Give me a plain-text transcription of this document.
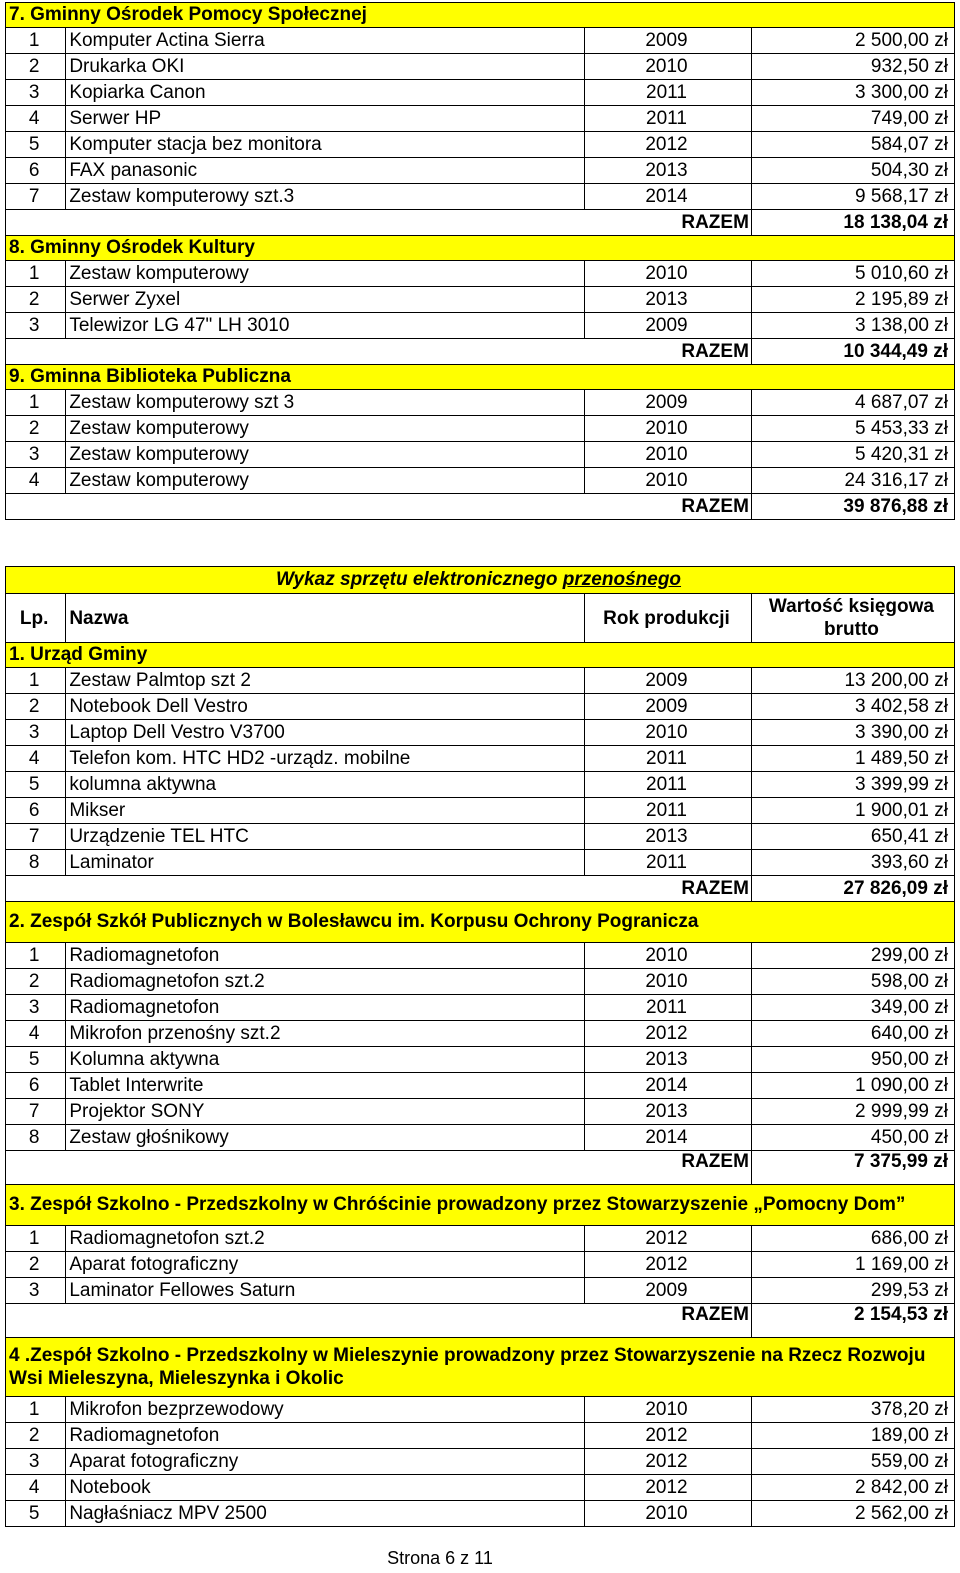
7. Gminny Ośrodek Pomocy Społecznej			
1	Komputer Actina Sierra	2009	2 500,00 zł
2	Drukarka OKI	2010	932,50 zł
3	Kopiarka Canon	2011	3 300,00 zł
4	Serwer HP	2011	749,00 zł
5	Komputer stacja bez monitora	2012	584,07 zł
6	FAX panasonic	2013	504,30 zł
7	Zestaw komputerowy szt.3	2014	9 568,17 zł
		RAZEM	18 138,04 zł
8. Gminny Ośrodek Kultury			
1	Zestaw komputerowy	2010	5 010,60 zł
2	Serwer Zyxel	2013	2 195,89 zł
3	Telewizor LG 47" LH 3010	2009	3 138,00 zł
		RAZEM	10 344,49 zł
9. Gminna Biblioteka Publiczna			
1	Zestaw komputerowy szt 3	2009	4 687,07 zł
2	Zestaw komputerowy	2010	5 453,33 zł
3	Zestaw komputerowy	2010	5 420,31 zł
4	Zestaw komputerowy	2010	24 316,17 zł
		RAZEM	39 876,88 zł
Wykaz sprzętu elektronicznego przenośnego			
Lp.	Nazwa	Rok produkcji	Wartość księgowa brutto
1. Urząd Gminy			
1	Zestaw Palmtop szt 2	2009	13 200,00 zł
2	Notebook Dell Vestro	2009	3 402,58 zł
3	Laptop Dell Vestro V3700	2010	3 390,00 zł
4	Telefon kom. HTC HD2 -urządz. mobilne	2011	1 489,50 zł
5	kolumna aktywna	2011	3 399,99 zł
6	Mikser	2011	1 900,01 zł
7	Urządzenie TEL HTC	2013	650,41 zł
8	Laminator	2011	393,60 zł
		RAZEM	27 826,09 zł
2. Zespół Szkół Publicznych w Bolesławcu im. Korpusu Ochrony Pogranicza			
1	Radiomagnetofon	2010	299,00 zł
2	Radiomagnetofon szt.2	2010	598,00 zł
3	Radiomagnetofon	2011	349,00 zł
4	Mikrofon przenośny szt.2	2012	640,00 zł
5	Kolumna aktywna	2013	950,00 zł
6	Tablet Interwrite	2014	1 090,00 zł
7	Projektor SONY	2013	2 999,99 zł
8	Zestaw głośnikowy	2014	450,00 zł
		RAZEM	7 375,99 zł
3. Zespół Szkolno - Przedszkolny w Chróścinie prowadzony przez Stowarzyszenie „Pomocny Dom”			
1	Radiomagnetofon szt.2	2012	686,00 zł
2	Aparat fotograficzny	2012	1 169,00 zł
3	Laminator Fellowes Saturn	2009	299,53 zł
		RAZEM	2 154,53 zł
4 .Zespół Szkolno - Przedszkolny w Mieleszynie prowadzony przez Stowarzyszenie na Rzecz Rozwoju Wsi Mieleszyna, Mieleszynka i Okolic			
1	Mikrofon bezprzewodowy	2010	378,20 zł
2	Radiomagnetofon	2012	189,00 zł
3	Aparat fotograficzny	2012	559,00 zł
4	Notebook	2012	2 842,00 zł
5	Nagłaśniacz MPV 2500	2010	2 562,00 zł
Strona 6 z 11
